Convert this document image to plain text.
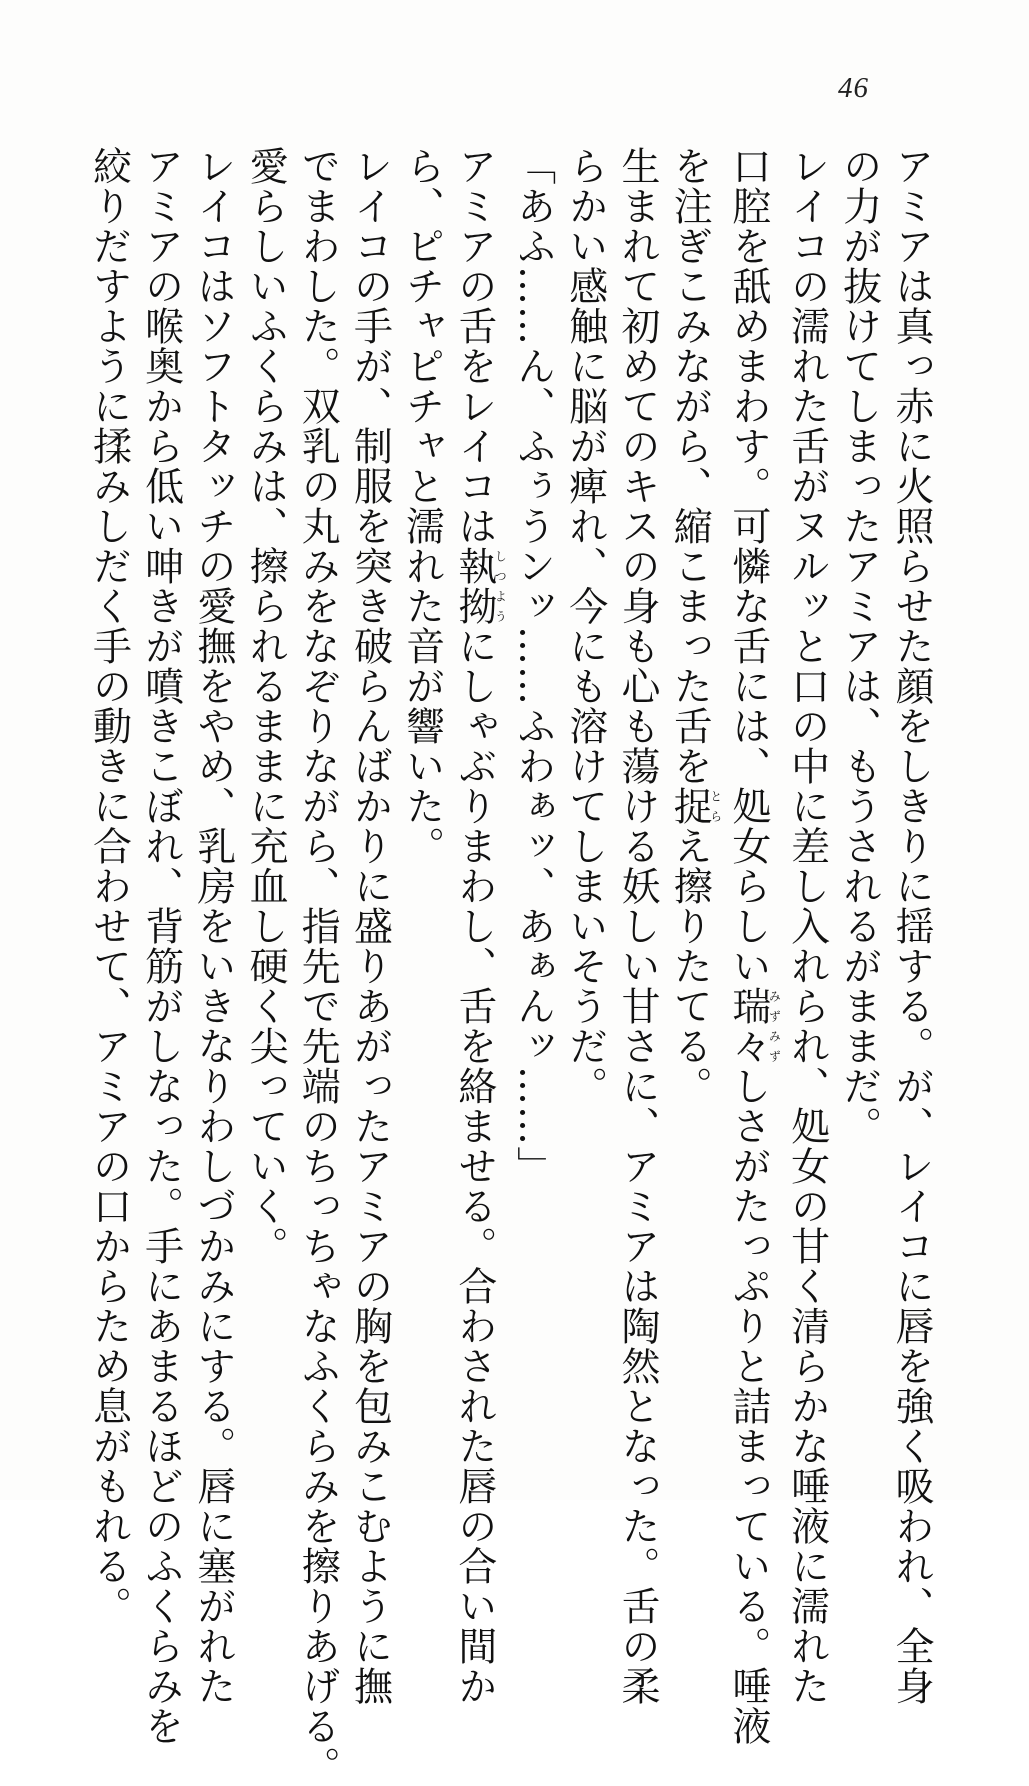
46
アミアは真っ赤に火照らせた顔をしきりに揺する。が、レイコに唇を強く吸われ、全身
の力が抜けてしまったアミアは、もうされるがままだ。
レイコの濡れた舌がヌルッと口の中に差し入れられ、処女の甘く清らかな唾液に濡れた
口腔を舐めまわす。可憐な舌には、処女らしい瑞々みずみずしさがたっぷりと詰まっている。唾液
を注ぎこみながら、縮こまった舌を捉とらえ擦りたてる。
生まれて初めてのキスの身も心も蕩ける妖しい甘さに、アミアは陶然となった。舌の柔
らかい感触に脳が痺れ、今にも溶けてしまいそうだ。
「あふ……ん、ふぅうンッ……ふわぁッ、あぁんッ……」
アミアの舌をレイコは執拗しつようにしゃぶりまわし、舌を絡ませる。合わされた唇の合い間か
ら、ピチャピチャと濡れた音が響いた。
レイコの手が、制服を突き破らんばかりに盛りあがったアミアの胸を包みこむように撫
でまわした。双乳の丸みをなぞりながら、指先で先端のちっちゃなふくらみを擦りあげる。
愛らしいふくらみは、擦られるままに充血し硬く尖っていく。
レイコはソフトタッチの愛撫をやめ、乳房をいきなりわしづかみにする。唇に塞がれた
アミアの喉奥から低い呻きが噴きこぼれ、背筋がしなった。手にあまるほどのふくらみを
絞りだすように揉みしだく手の動きに合わせて、アミアの口からため息がもれる。
